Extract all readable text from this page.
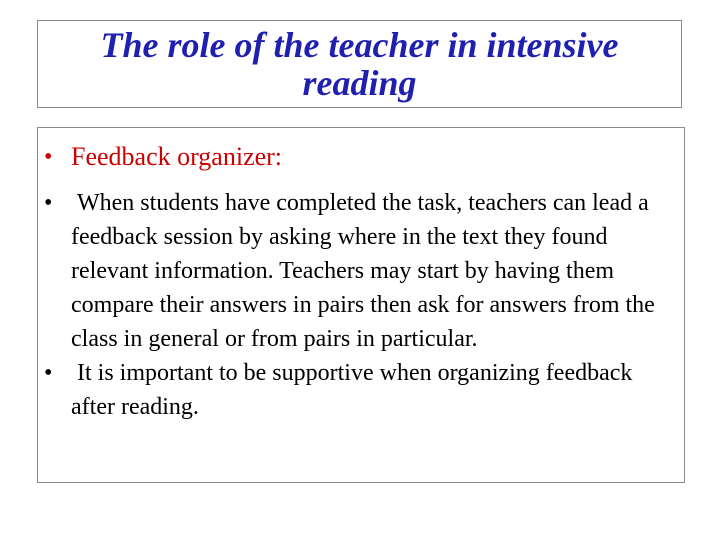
The role of the teacher in intensive reading
• Feedback organizer:
• When students have completed the task, teachers can lead a feedback session by asking where in the text they found relevant information. Teachers may start by having them compare their answers in pairs then ask for answers from the class in general or from pairs in particular.
• It is important to be supportive when organizing feedback after reading.
